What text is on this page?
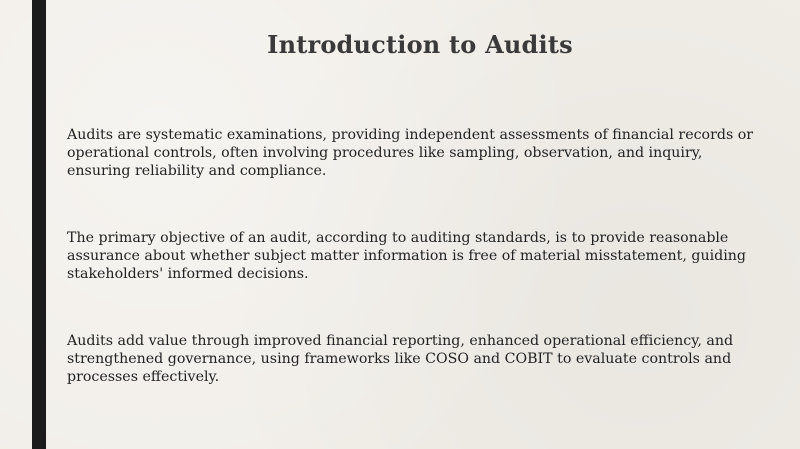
Introduction to Audits

Audits are systematic examinations, providing independent assessments of financial records or operational controls, often involving procedures like sampling, observation, and inquiry, ensuring reliability and compliance.

The primary objective of an audit, according to auditing standards, is to provide reasonable assurance about whether subject matter information is free of material misstatement, guiding stakeholders' informed decisions.

Audits add value through improved financial reporting, enhanced operational efficiency, and strengthened governance, using frameworks like COSO and COBIT to evaluate controls and processes effectively.
